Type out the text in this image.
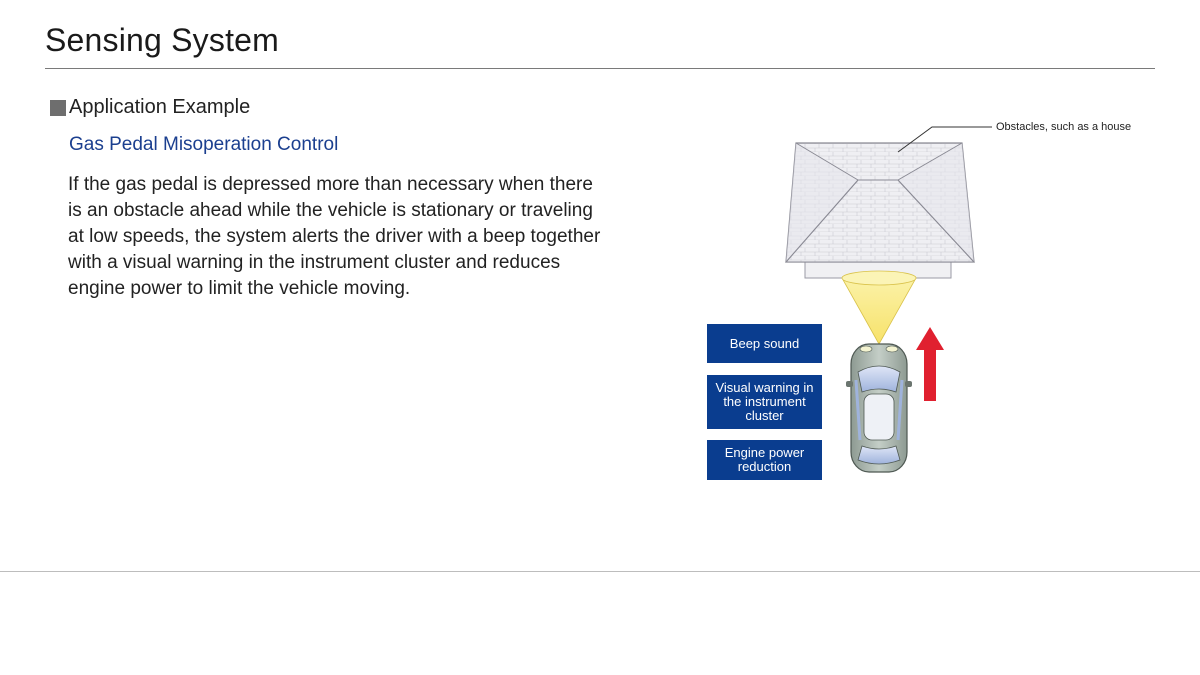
Sensing System
Application Example
Gas Pedal Misoperation Control
If the gas pedal is depressed more than necessary when there is an obstacle ahead while the vehicle is stationary or traveling at low speeds, the system alerts the driver with a beep together with a visual warning in the instrument cluster and reduces engine power to limit the vehicle moving.
Obstacles, such as a house
Beep sound
Visual warning in the instrument cluster
Engine power reduction
